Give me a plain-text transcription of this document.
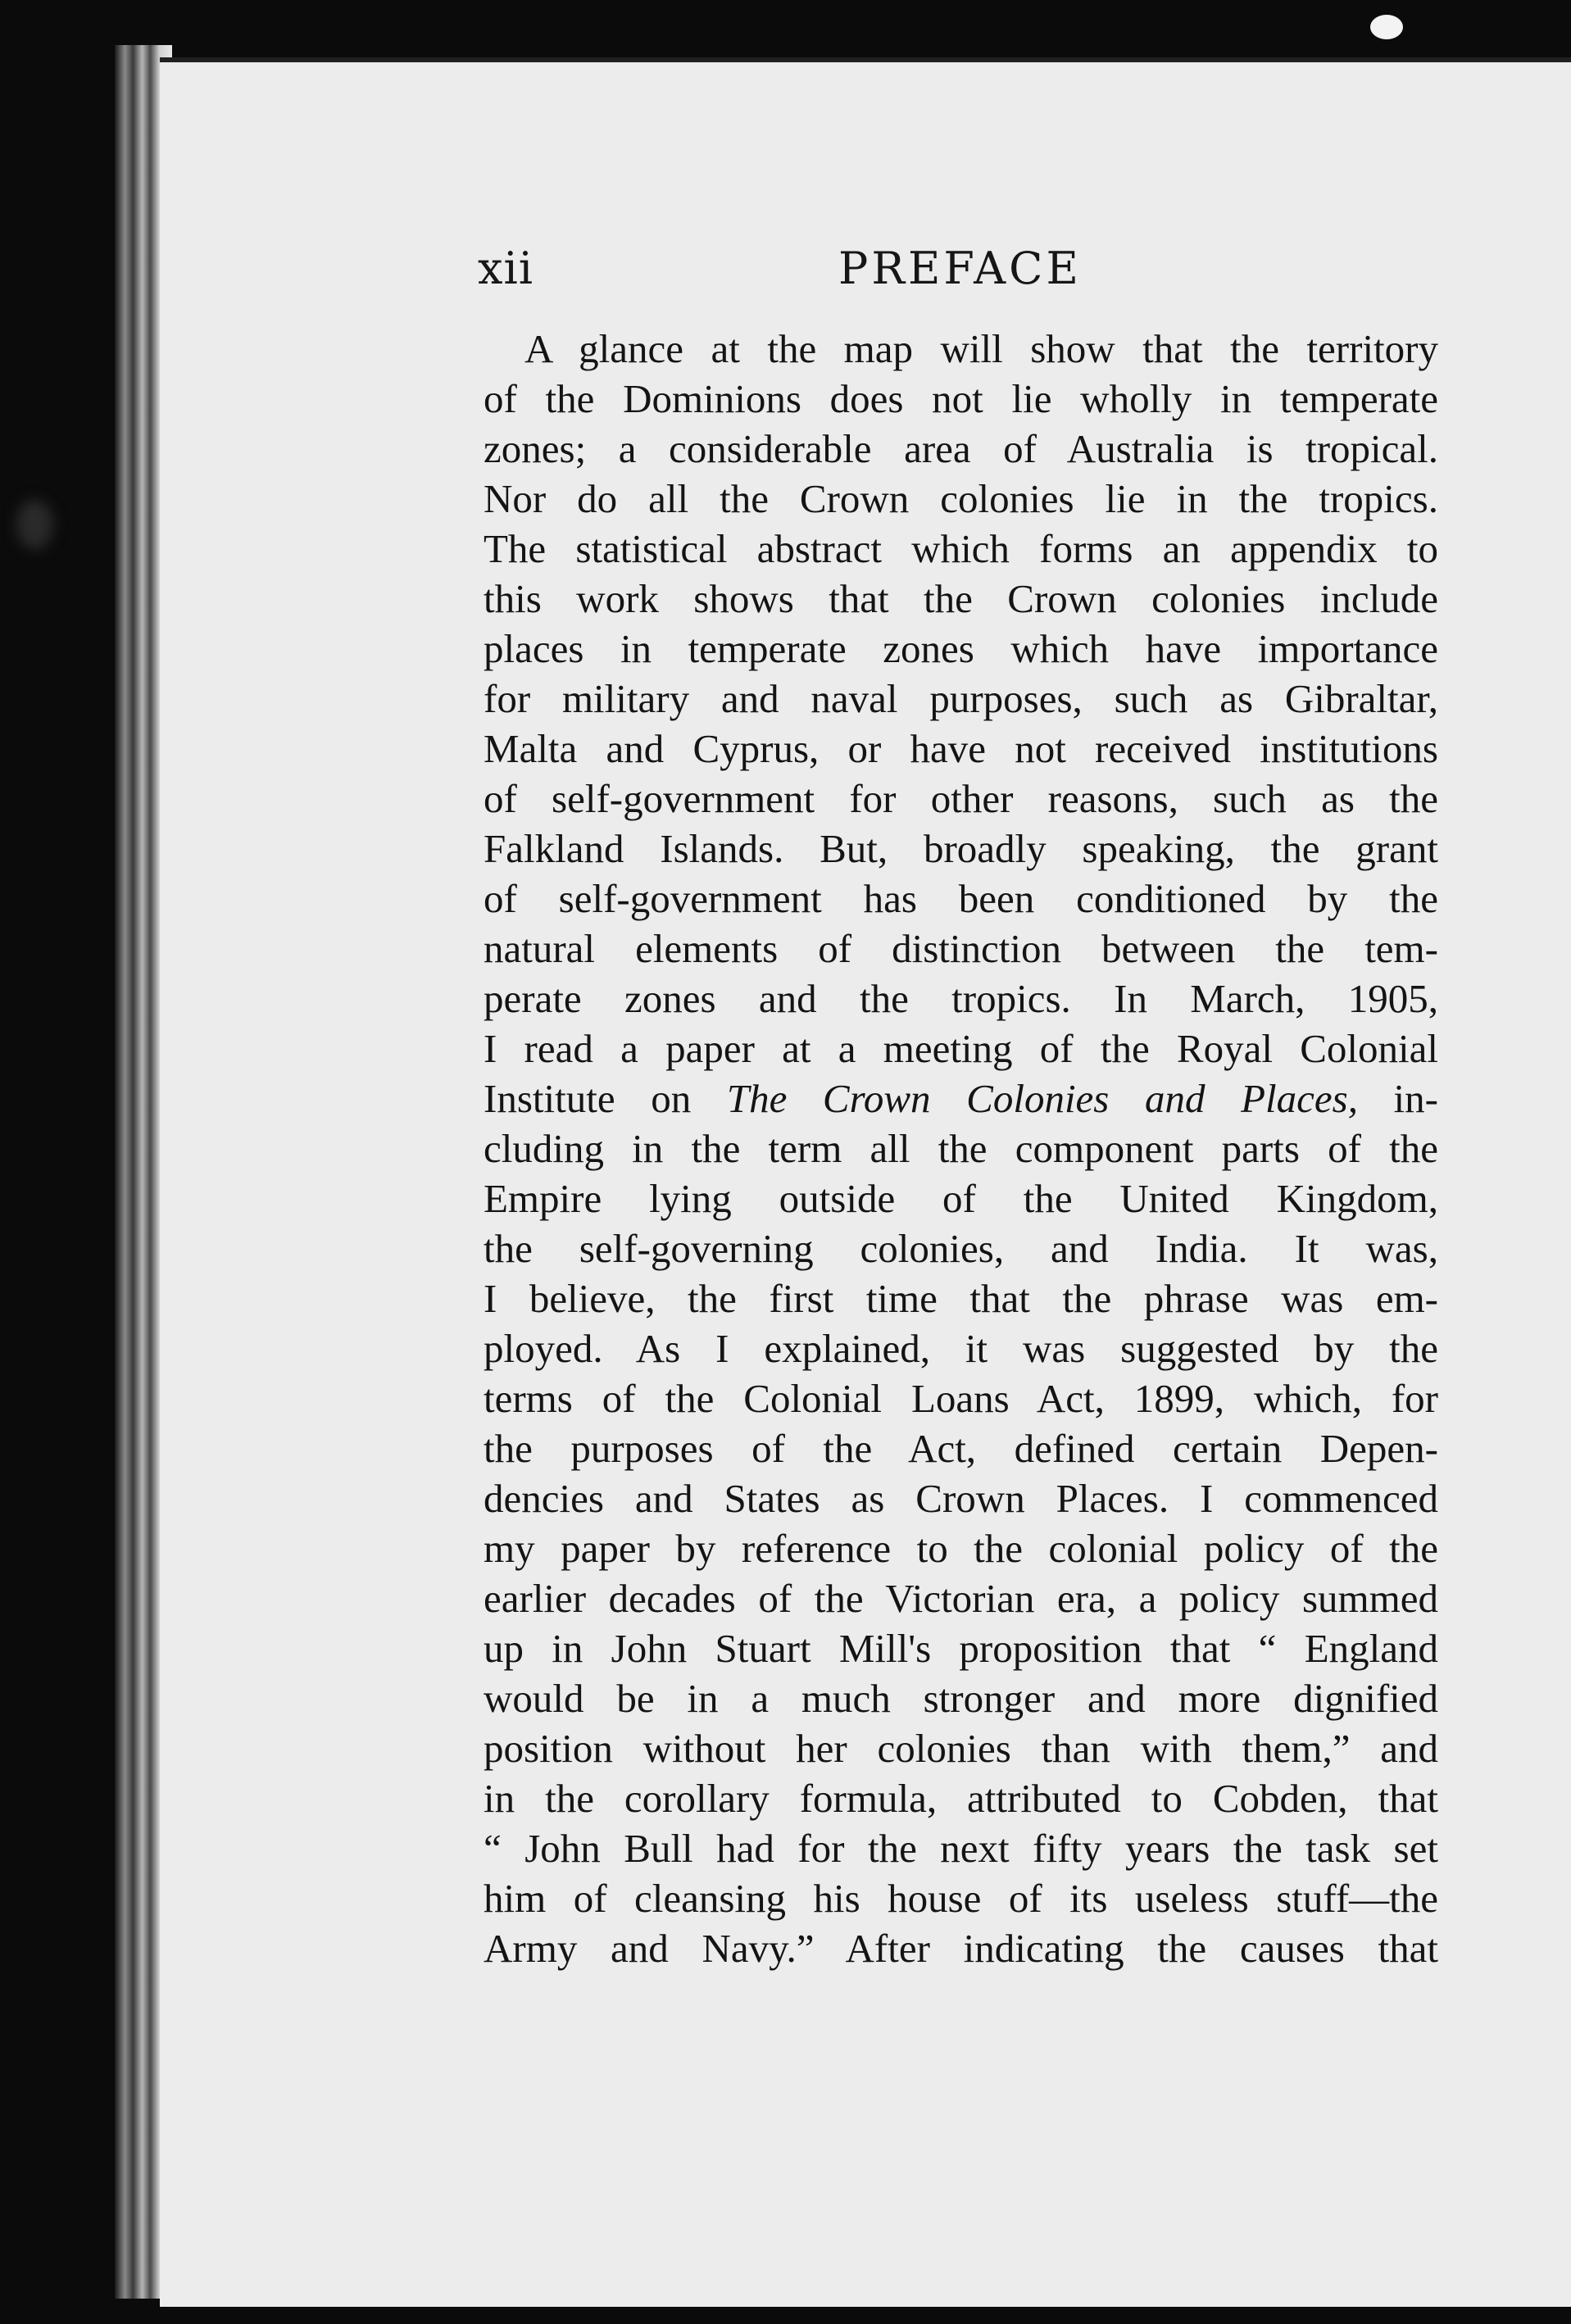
xii	PREFACE
A glance at the map will show that the territory
of the Dominions does not lie wholly in temperate
zones; a considerable area of Australia is tropical.
Nor do all the Crown colonies lie in the tropics.
The statistical abstract which forms an appendix to
this work shows that the Crown colonies include
places in temperate zones which have importance
for military and naval purposes, such as Gibraltar,
Malta and Cyprus, or have not received institutions
of self-government for other reasons, such as the
Falkland Islands. But, broadly speaking, the grant
of self-government has been conditioned by the
natural elements of distinction between the tem-
perate zones and the tropics. In March, 1905,
I read a paper at a meeting of the Royal Colonial
Institute on The Crown Colonies and Places, in-
cluding in the term all the component parts of the
Empire lying outside of the United Kingdom,
the self-governing colonies, and India. It was,
I believe, the first time that the phrase was em-
ployed. As I explained, it was suggested by the
terms of the Colonial Loans Act, 1899, which, for
the purposes of the Act, defined certain Depen-
dencies and States as Crown Places. I commenced
my paper by reference to the colonial policy of the
earlier decades of the Victorian era, a policy summed
up in John Stuart Mill's proposition that “ England
would be in a much stronger and more dignified
position without her colonies than with them,” and
in the corollary formula, attributed to Cobden, that
“ John Bull had for the next fifty years the task set
him of cleansing his house of its useless stuff—the
Army and Navy.” After indicating the causes that
